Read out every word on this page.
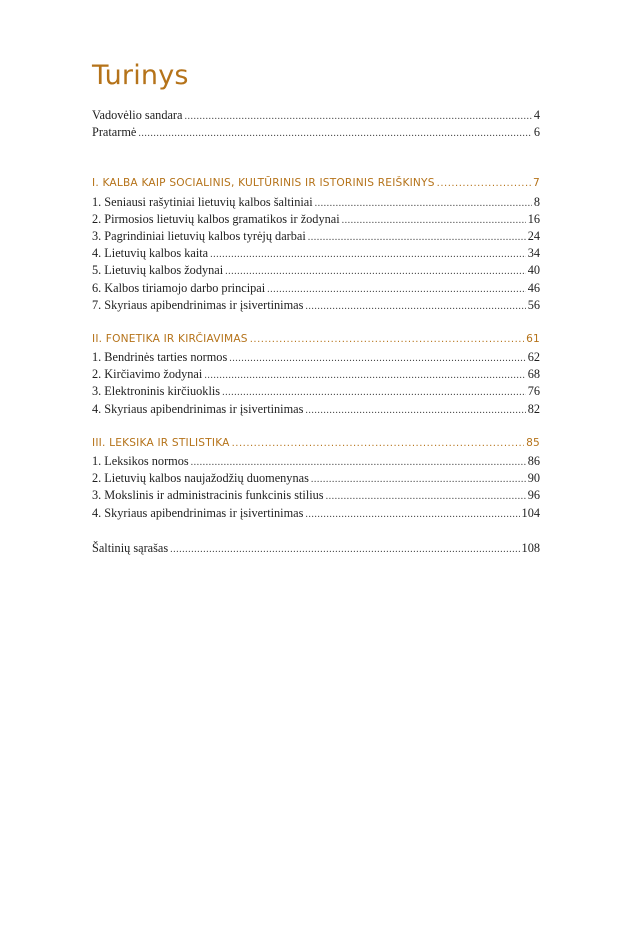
Turinys
Vadovėlio sandara .....	4
Pratarmė .....	6
I. KALBA KAIP SOCIALINIS, KULTŪRINIS IR ISTORINIS REIŠKINYS .....	7
1. Seniausi rašytiniai lietuvių kalbos šaltiniai .....	8
2. Pirmosios lietuvių kalbos gramatikos ir žodynai .....	16
3. Pagrindiniai lietuvių kalbos tyrėjų darbai .....	24
4. Lietuvių kalbos kaita .....	34
5. Lietuvių kalbos žodynai .....	40
6. Kalbos tiriamojo darbo principai .....	46
7. Skyriaus apibendrinimas ir įsivertinimas .....	56
II. FONETIKA IR KIRČIAVIMAS .....	61
1. Bendrinės tarties normos .....	62
2. Kirčiavimo žodynai .....	68
3. Elektroninis kirčiuoklis .....	76
4. Skyriaus apibendrinimas ir įsivertinimas .....	82
III. LEKSIKA IR STILISTIKA .....	85
1. Leksikos normos .....	86
2. Lietuvių kalbos naujažodžių duomenynas .....	90
3. Mokslinis ir administracinis funkcinis stilius .....	96
4. Skyriaus apibendrinimas ir įsivertinimas .....	104
Šaltinių sąrašas .....	108
